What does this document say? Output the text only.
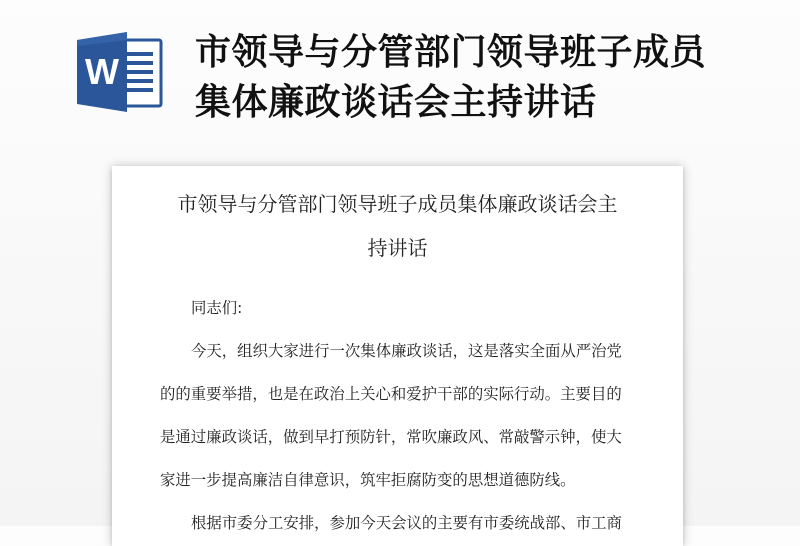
W 市领导与分管部门领导班子成员
集体廉政谈话会主持讲话
市领导与分管部门领导班子成员集体廉政谈话会主
持讲话
同志们:
今天，组织大家进行一次集体廉政谈话，这是落实全面从严治党
的的重要举措，也是在政治上关心和爱护干部的实际行动。主要目的
是通过廉政谈话，做到早打预防针，常吹廉政风、常敲警示钟，使大
家进一步提高廉洁自律意识，筑牢拒腐防变的思想道德防线。
根据市委分工安排，参加今天会议的主要有市委统战部、市工商
